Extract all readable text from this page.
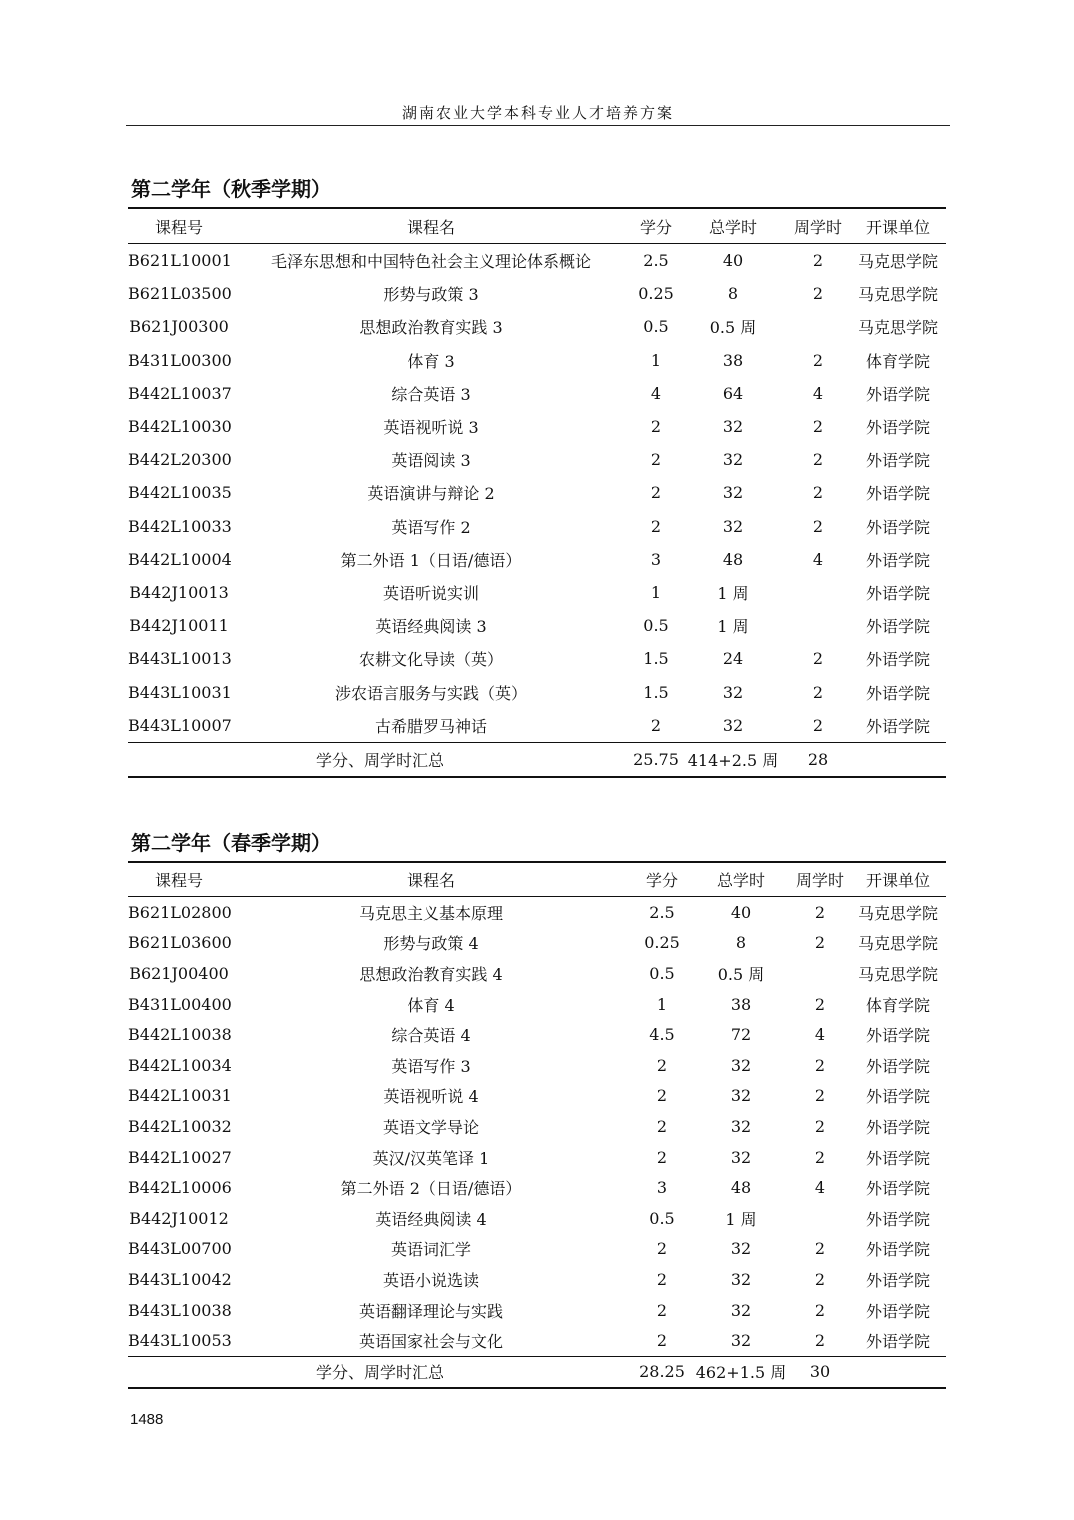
湖南农业大学本科专业人才培养方案
第二学年（秋季学期）
课程号	课程名	学分	总学时	周学时	开课单位
B621L10001	毛泽东思想和中国特色社会主义理论体系概论	2.5	40	2	马克思学院
B621L03500	形势与政策 3	0.25	8	2	马克思学院
B621J00300	思想政治教育实践 3	0.5	0.5 周		马克思学院
B431L00300	体育 3	1	38	2	体育学院
B442L10037	综合英语 3	4	64	4	外语学院
B442L10030	英语视听说 3	2	32	2	外语学院
B442L20300	英语阅读 3	2	32	2	外语学院
B442L10035	英语演讲与辩论 2	2	32	2	外语学院
B442L10033	英语写作 2	2	32	2	外语学院
B442L10004	第二外语 1（日语/德语）	3	48	4	外语学院
B442J10013	英语听说实训	1	1 周		外语学院
B442J10011	英语经典阅读 3	0.5	1 周		外语学院
B443L10013	农耕文化导读（英）	1.5	24	2	外语学院
B443L10031	涉农语言服务与实践（英）	1.5	32	2	外语学院
B443L10007	古希腊罗马神话	2	32	2	外语学院
学分、周学时汇总		25.75	414+2.5 周	28	
第二学年（春季学期）
课程号	课程名	学分	总学时	周学时	开课单位
B621L02800	马克思主义基本原理	2.5	40	2	马克思学院
B621L03600	形势与政策 4	0.25	8	2	马克思学院
B621J00400	思想政治教育实践 4	0.5	0.5 周		马克思学院
B431L00400	体育 4	1	38	2	体育学院
B442L10038	综合英语 4	4.5	72	4	外语学院
B442L10034	英语写作 3	2	32	2	外语学院
B442L10031	英语视听说 4	2	32	2	外语学院
B442L10032	英语文学导论	2	32	2	外语学院
B442L10027	英汉/汉英笔译 1	2	32	2	外语学院
B442L10006	第二外语 2（日语/德语）	3	48	4	外语学院
B442J10012	英语经典阅读 4	0.5	1 周		外语学院
B443L00700	英语词汇学	2	32	2	外语学院
B443L10042	英语小说选读	2	32	2	外语学院
B443L10038	英语翻译理论与实践	2	32	2	外语学院
B443L10053	英语国家社会与文化	2	32	2	外语学院
学分、周学时汇总		28.25	462+1.5 周	30	
1488
